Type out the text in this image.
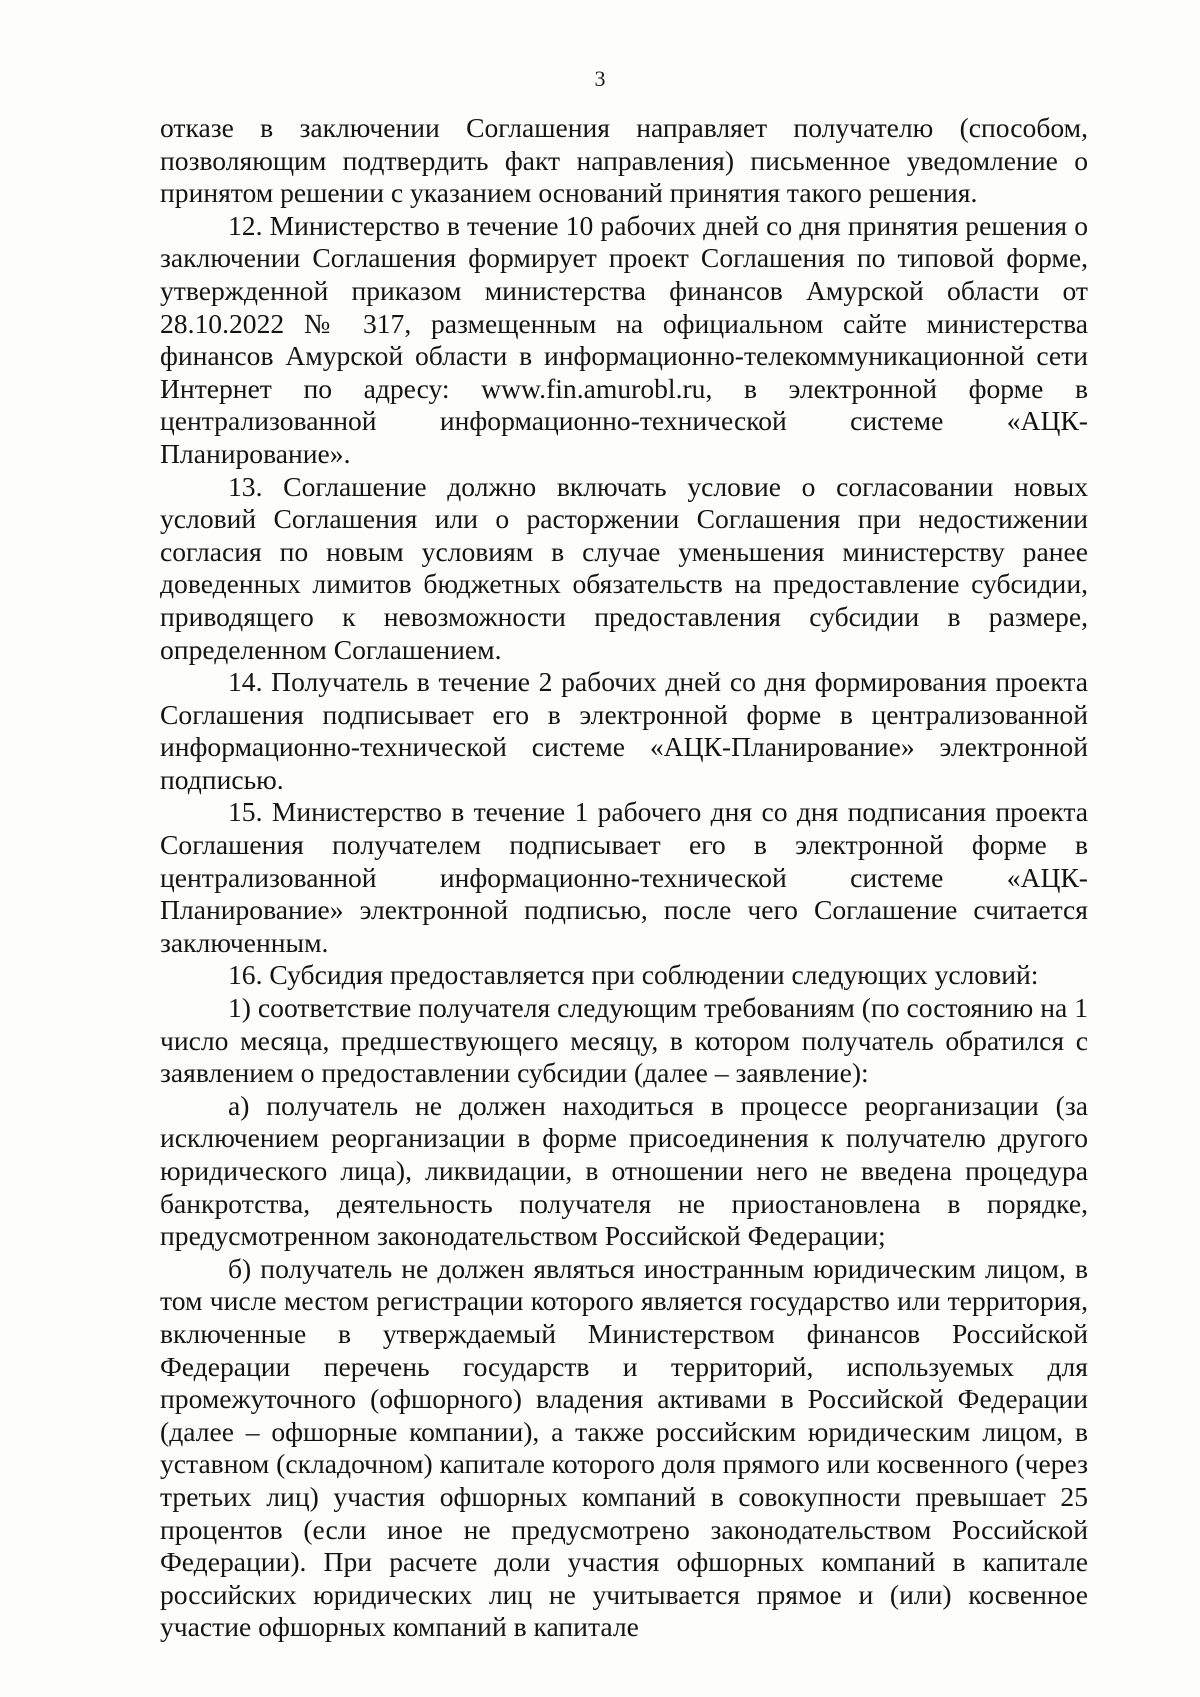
3

отказе в заключении Соглашения направляет получателю (способом, позволяющим подтвердить факт направления) письменное уведомление о принятом решении с указанием оснований принятия такого решения.

12. Министерство в течение 10 рабочих дней со дня принятия решения о заключении Соглашения формирует проект Соглашения по типовой форме, утвержденной приказом министерства финансов Амурской области от 28.10.2022 № 317, размещенным на официальном сайте министерства финансов Амурской области в информационно-телекоммуникационной сети Интернет по адресу: www.fin.amurobl.ru, в электронной форме в централизованной информационно-технической системе «АЦК-Планирование».

13. Соглашение должно включать условие о согласовании новых условий Соглашения или о расторжении Соглашения при недостижении согласия по новым условиям в случае уменьшения министерству ранее доведенных лимитов бюджетных обязательств на предоставление субсидии, приводящего к невозможности предоставления субсидии в размере, определенном Соглашением.

14. Получатель в течение 2 рабочих дней со дня формирования проекта Соглашения подписывает его в электронной форме в централизованной информационно-технической системе «АЦК-Планирование» электронной подписью.

15. Министерство в течение 1 рабочего дня со дня подписания проекта Соглашения получателем подписывает его в электронной форме в централизованной информационно-технической системе «АЦК-Планирование» электронной подписью, после чего Соглашение считается заключенным.

16. Субсидия предоставляется при соблюдении следующих условий:

1) соответствие получателя следующим требованиям (по состоянию на 1 число месяца, предшествующего месяцу, в котором получатель обратился с заявлением о предоставлении субсидии (далее – заявление):

а) получатель не должен находиться в процессе реорганизации (за исключением реорганизации в форме присоединения к получателю другого юридического лица), ликвидации, в отношении него не введена процедура банкротства, деятельность получателя не приостановлена в порядке, предусмотренном законодательством Российской Федерации;

б) получатель не должен являться иностранным юридическим лицом, в том числе местом регистрации которого является государство или территория, включенные в утверждаемый Министерством финансов Российской Федерации перечень государств и территорий, используемых для промежуточного (офшорного) владения активами в Российской Федерации (далее – офшорные компании), а также российским юридическим лицом, в уставном (складочном) капитале которого доля прямого или косвенного (через третьих лиц) участия офшорных компаний в совокупности превышает 25 процентов (если иное не предусмотрено законодательством Российской Федерации). При расчете доли участия офшорных компаний в капитале российских юридических лиц не учитывается прямое и (или) косвенное участие офшорных компаний в капитале
